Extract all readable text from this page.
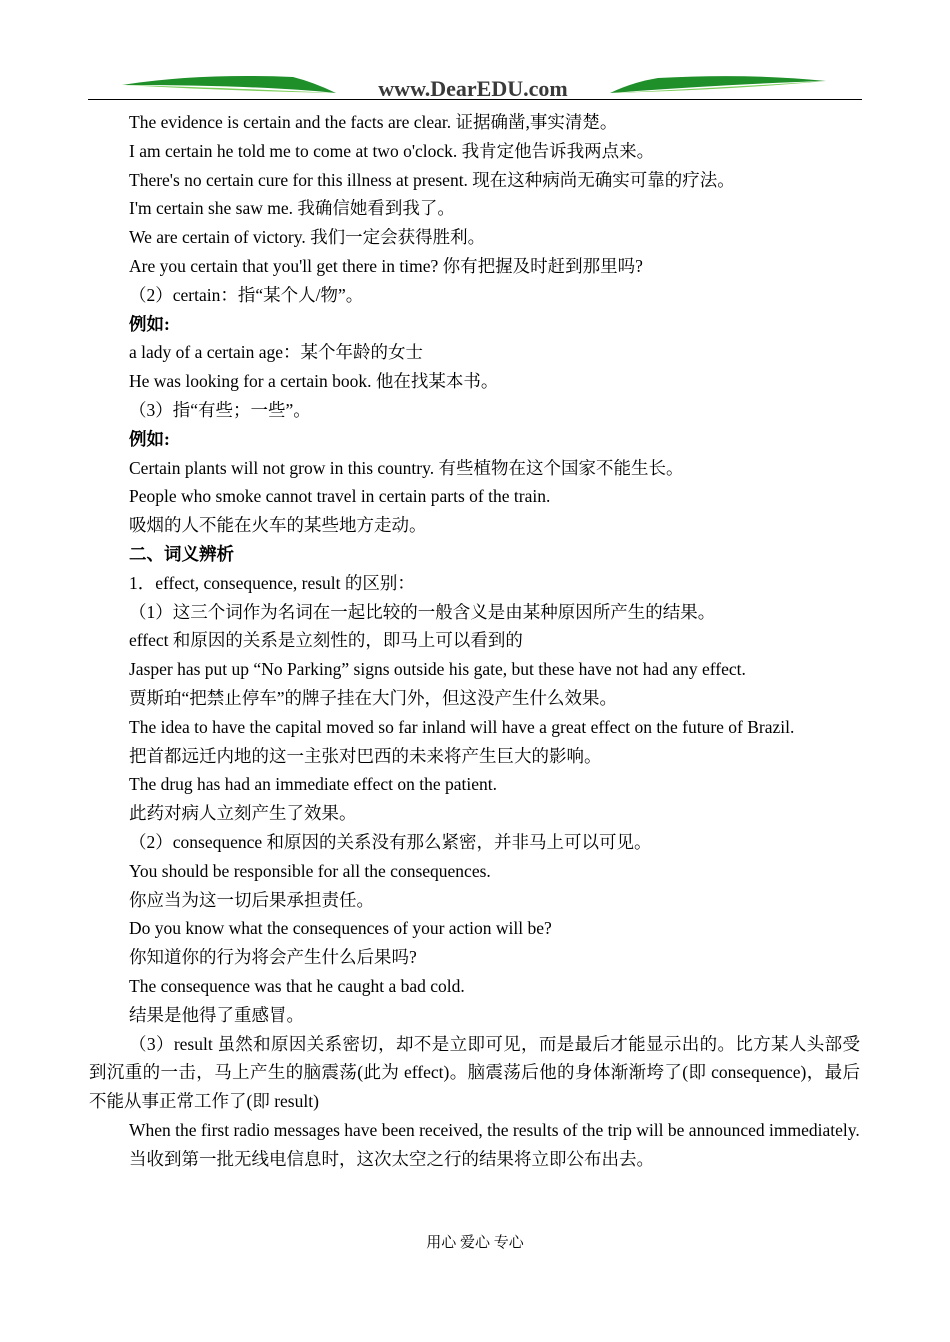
www.DearEDU.com

The evidence is certain and the facts are clear. 证据确凿,事实清楚。

I am certain he told me to come at two o'clock. 我肯定他告诉我两点来。

There's no certain cure for this illness at present. 现在这种病尚无确实可靠的疗法。

I'm certain she saw me. 我确信她看到我了。

We are certain of victory. 我们一定会获得胜利。

Are you certain that you'll get there in time? 你有把握及时赶到那里吗?

（2）certain：指“某个人/物”。

例如:

a lady of a certain age：某个年龄的女士

He was looking for a certain book. 他在找某本书。

（3）指“有些；一些”。

例如:

Certain plants will not grow in this country. 有些植物在这个国家不能生长。

People who smoke cannot travel in certain parts of the train.

吸烟的人不能在火车的某些地方走动。

二、词义辨析

1．effect, consequence, result 的区别：

（1）这三个词作为名词在一起比较的一般含义是由某种原因所产生的结果。

effect 和原因的关系是立刻性的，即马上可以看到的

Jasper has put up “No Parking” signs outside his gate, but these have not had any effect.

贾斯珀“把禁止停车”的牌子挂在大门外，但这没产生什么效果。

The idea to have the capital moved so far inland will have a great effect on the future of Brazil.

把首都远迁内地的这一主张对巴西的未来将产生巨大的影响。

The drug has had an immediate effect on the patient.

此药对病人立刻产生了效果。

（2）consequence 和原因的关系没有那么紧密，并非马上可以可见。

You should be responsible for all the consequences.

你应当为这一切后果承担责任。

Do you know what the consequences of your action will be?

你知道你的行为将会产生什么后果吗?

The consequence was that he caught a bad cold.

结果是他得了重感冒。

（3）result 虽然和原因关系密切，却不是立即可见，而是最后才能显示出的。比方某人头部受到沉重的一击，马上产生的脑震荡(此为 effect)。脑震荡后他的身体渐渐垮了(即 consequence)，最后不能从事正常工作了(即 result)

When the first radio messages have been received, the results of the trip will be announced immediately.

当收到第一批无线电信息时，这次太空之行的结果将立即公布出去。

用心 爱心 专心
